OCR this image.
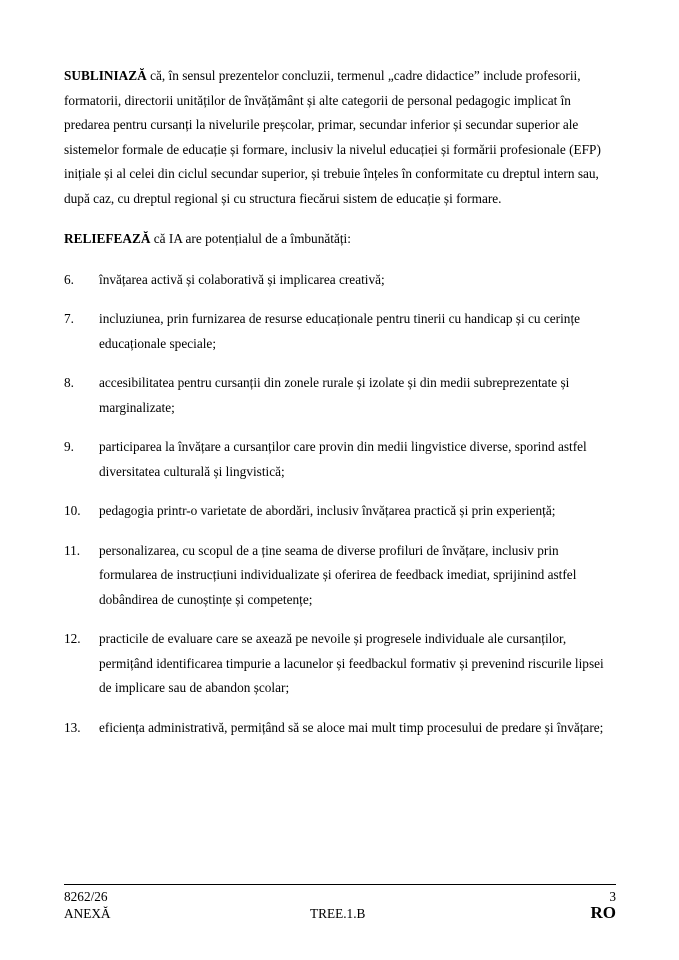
SUBLINIAZĂ că, în sensul prezentelor concluzii, termenul „cadre didactice” include profesorii, formatorii, directorii unităților de învățământ și alte categorii de personal pedagogic implicat în predarea pentru cursanți la nivelurile preșcolar, primar, secundar inferior și secundar superior ale sistemelor formale de educație și formare, inclusiv la nivelul educației și formării profesionale (EFP) inițiale și al celei din ciclul secundar superior, și trebuie înțeles în conformitate cu dreptul intern sau, după caz, cu dreptul regional și cu structura fiecărui sistem de educație și formare.

RELIEFEAZĂ că IA are potențialul de a îmbunătăți:

6.	învățarea activă și colaborativă și implicarea creativă;
7.	incluziunea, prin furnizarea de resurse educaționale pentru tinerii cu handicap și cu cerințe educaționale speciale;
8.	accesibilitatea pentru cursanții din zonele rurale și izolate și din medii subreprezentate și marginalizate;
9.	participarea la învățare a cursanților care provin din medii lingvistice diverse, sporind astfel diversitatea culturală și lingvistică;
10.	pedagogia printr-o varietate de abordări, inclusiv învățarea practică și prin experiență;
11.	personalizarea, cu scopul de a ține seama de diverse profiluri de învățare, inclusiv prin formularea de instrucțiuni individualizate și oferirea de feedback imediat, sprijinind astfel dobândirea de cunoștințe și competențe;
12.	practicile de evaluare care se axează pe nevoile și progresele individuale ale cursanților, permițând identificarea timpurie a lacunelor și feedbackul formativ și prevenind riscurile lipsei de implicare sau de abandon școlar;
13.	eficiența administrativă, permițând să se aloce mai mult timp procesului de predare și învățare;
8262/26
ANEXĂ	TREE.1.B
3
RO
